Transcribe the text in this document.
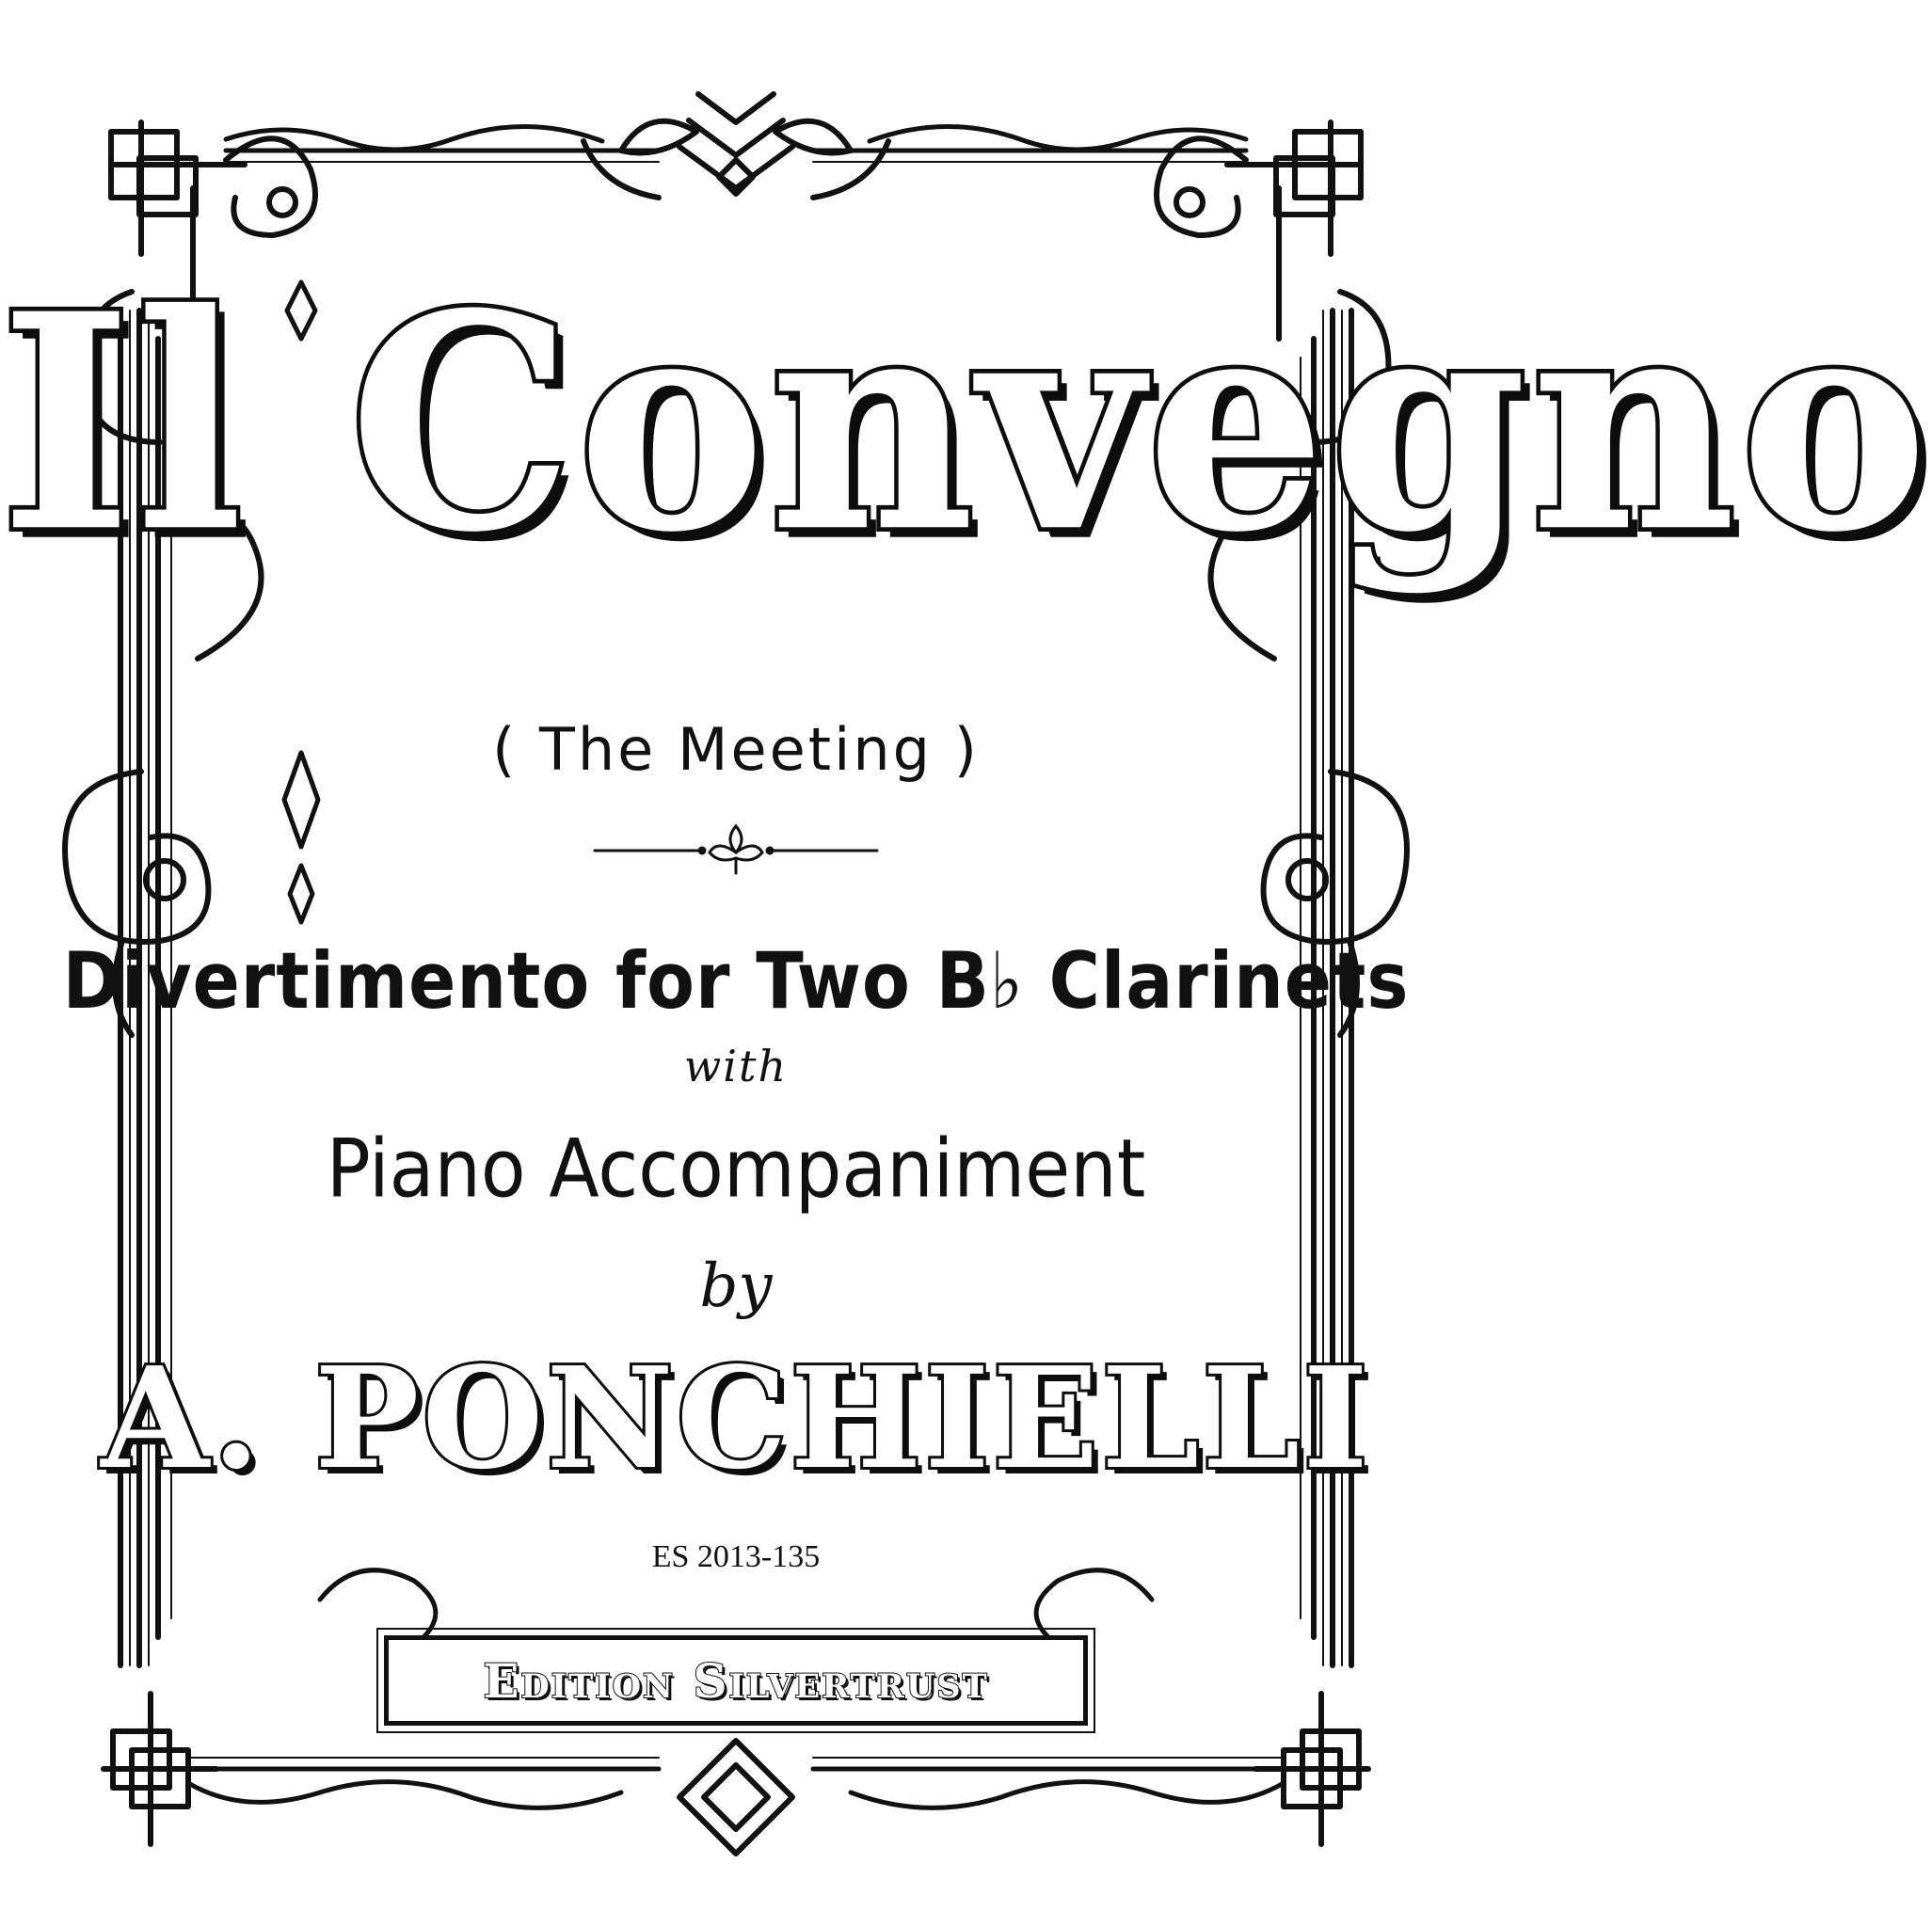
Il Convegno
( The Meeting )
Divertimento for Two B♭ Clarinets
with
Piano Accompaniment
by
A. PONCHIELLI
ES 2013-135
Edition Silvertrust
